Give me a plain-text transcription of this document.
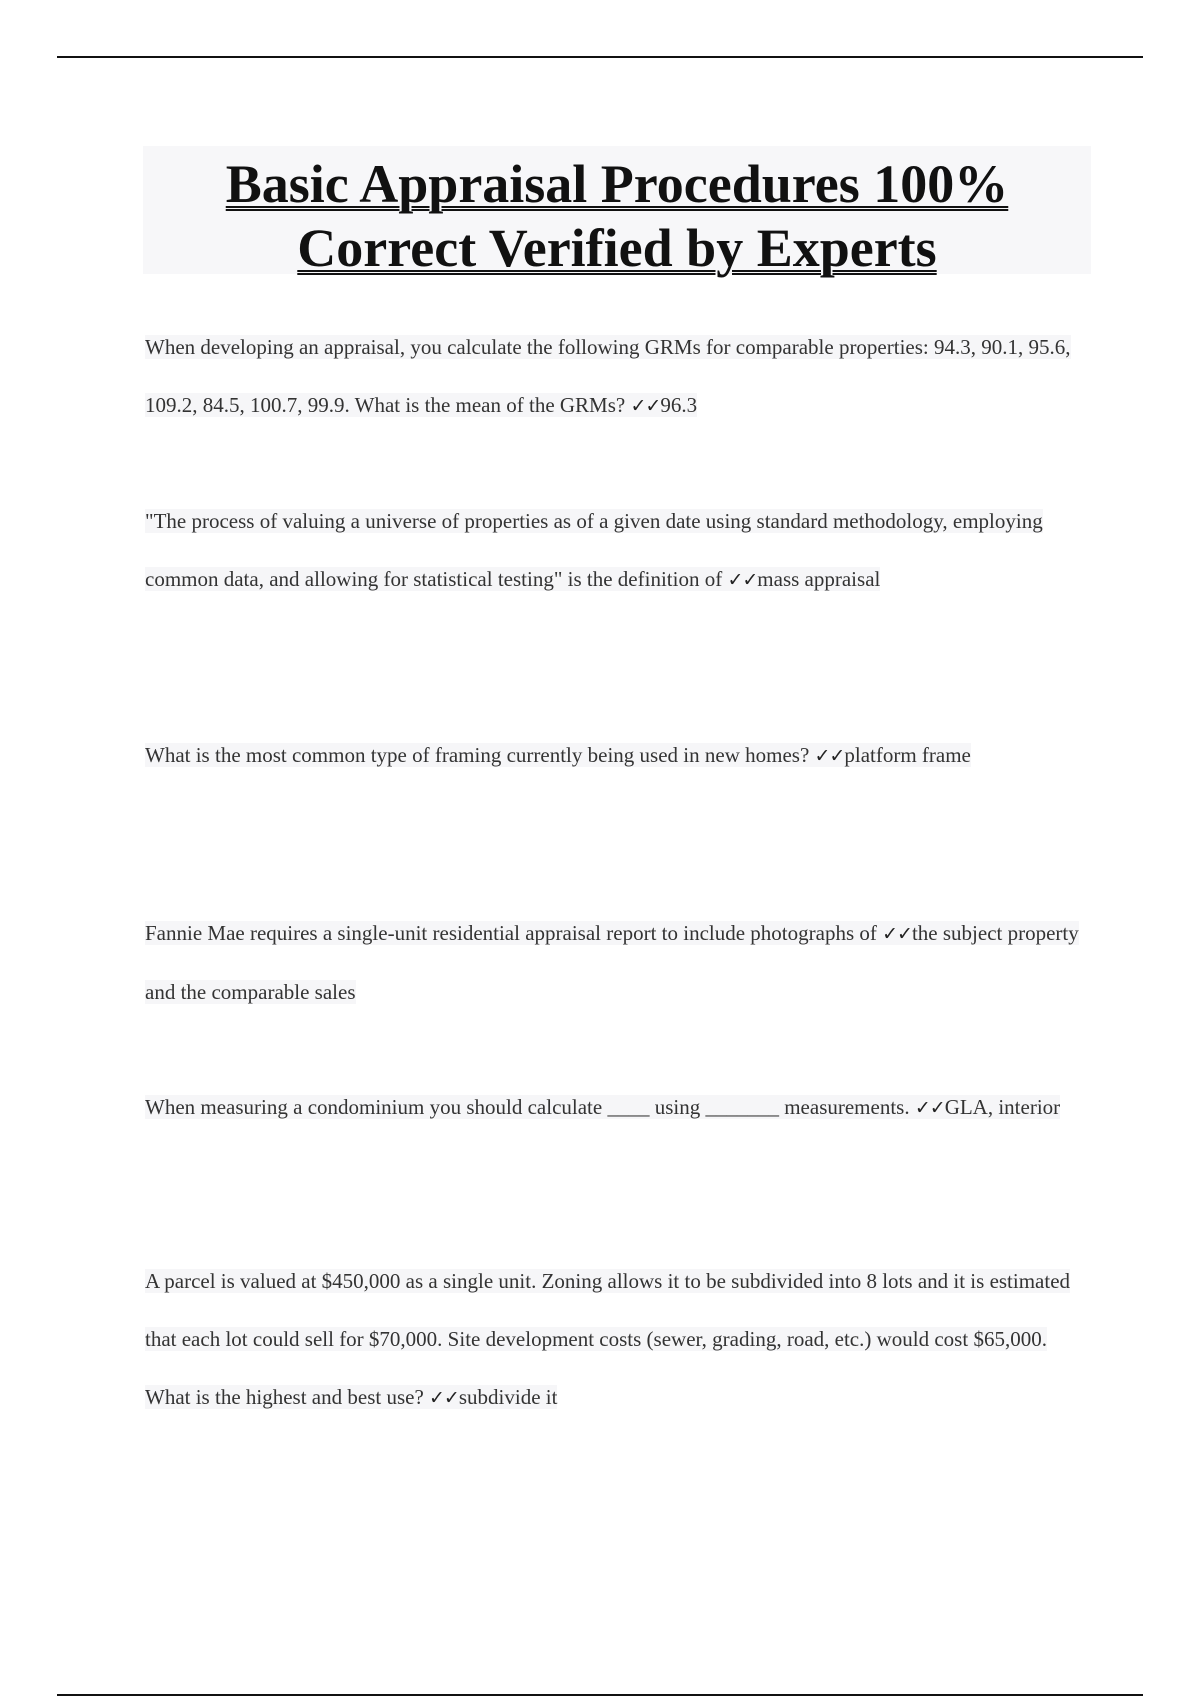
Basic Appraisal Procedures 100% Correct Verified by Experts

When developing an appraisal, you calculate the following GRMs for comparable properties: 94.3, 90.1, 95.6, 109.2, 84.5, 100.7, 99.9. What is the mean of the GRMs? ✓✓96.3

"The process of valuing a universe of properties as of a given date using standard methodology, employing common data, and allowing for statistical testing" is the definition of ✓✓mass appraisal

What is the most common type of framing currently being used in new homes? ✓✓platform frame

Fannie Mae requires a single-unit residential appraisal report to include photographs of ✓✓the subject property and the comparable sales

When measuring a condominium you should calculate ____ using _______ measurements. ✓✓GLA, interior

A parcel is valued at $450,000 as a single unit. Zoning allows it to be subdivided into 8 lots and it is estimated that each lot could sell for $70,000. Site development costs (sewer, grading, road, etc.) would cost $65,000. What is the highest and best use? ✓✓subdivide it
